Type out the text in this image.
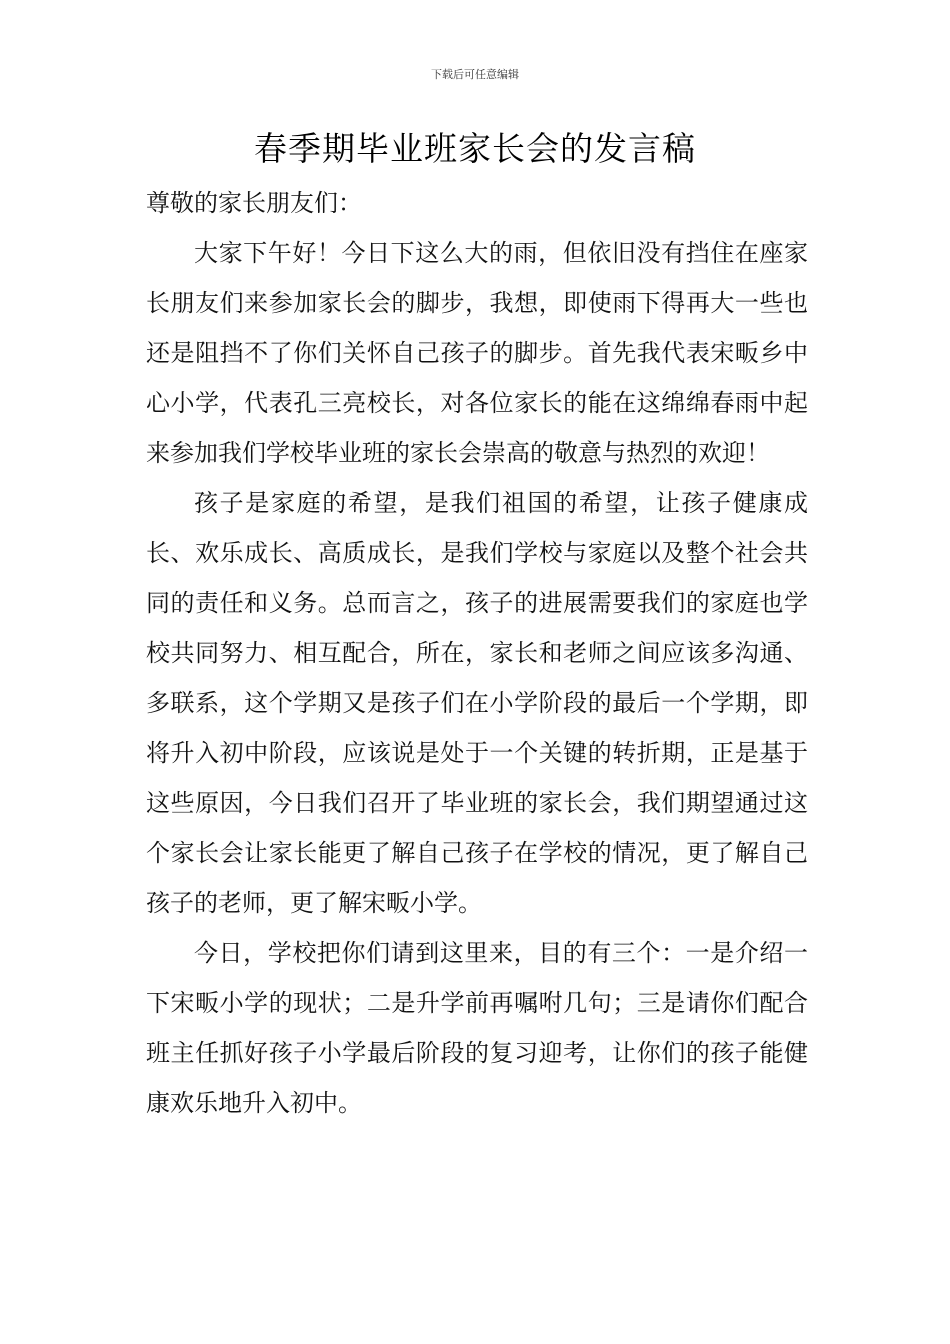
下载后可任意编辑
春季期毕业班家长会的发言稿

尊敬的家长朋友们：

大家下午好！今日下这么大的雨，但依旧没有挡住在座家长朋友们来参加家长会的脚步，我想，即使雨下得再大一些也还是阻挡不了你们关怀自己孩子的脚步。首先我代表宋畈乡中心小学，代表孔三亮校长，对各位家长的能在这绵绵春雨中起来参加我们学校毕业班的家长会崇高的敬意与热烈的欢迎！

孩子是家庭的希望，是我们祖国的希望，让孩子健康成长、欢乐成长、高质成长，是我们学校与家庭以及整个社会共同的责任和义务。总而言之，孩子的进展需要我们的家庭也学校共同努力、相互配合，所在，家长和老师之间应该多沟通、多联系，这个学期又是孩子们在小学阶段的最后一个学期，即将升入初中阶段，应该说是处于一个关键的转折期，正是基于这些原因，今日我们召开了毕业班的家长会，我们期望通过这个家长会让家长能更了解自己孩子在学校的情况，更了解自己孩子的老师，更了解宋畈小学。

今日，学校把你们请到这里来，目的有三个：一是介绍一下宋畈小学的现状；二是升学前再嘱咐几句；三是请你们配合班主任抓好孩子小学最后阶段的复习迎考，让你们的孩子能健康欢乐地升入初中。
